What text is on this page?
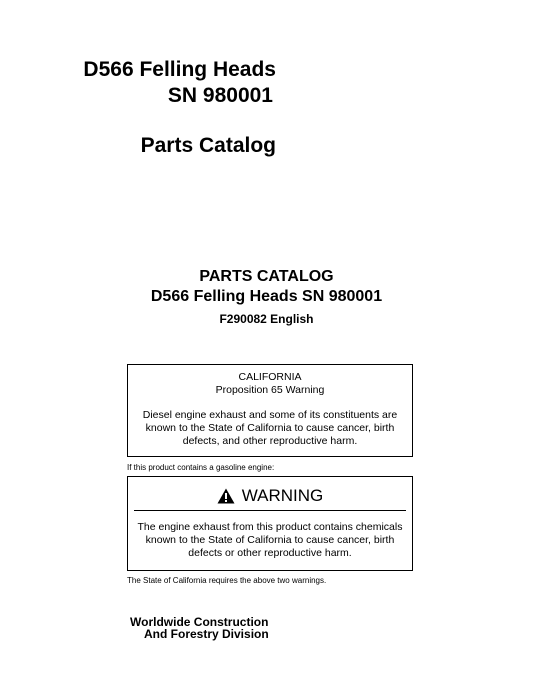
D566 Felling Heads
SN 980001
Parts Catalog
PARTS CATALOG
D566 Felling Heads SN 980001
F290082 English
CALIFORNIA
Proposition 65 Warning
Diesel engine exhaust and some of its constituents are
known to the State of California to cause cancer, birth
defects, and other reproductive harm.
If this product contains a gasoline engine:
WARNING
The engine exhaust from this product contains chemicals
known to the State of California to cause cancer, birth
defects or other reproductive harm.
The State of California requires the above two warnings.
Worldwide Construction
And Forestry Division
